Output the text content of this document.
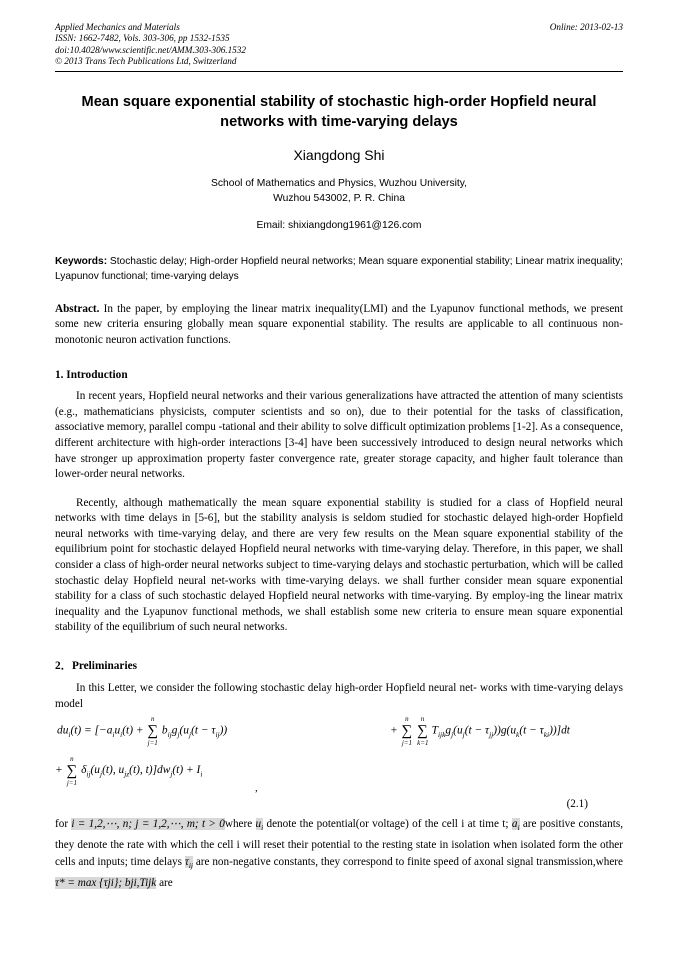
Applied Mechanics and Materials
ISSN: 1662-7482, Vols. 303-306, pp 1532-1535
doi:10.4028/www.scientific.net/AMM.303-306.1532
© 2013 Trans Tech Publications Ltd, Switzerland
Online: 2013-02-13
Mean square exponential stability of stochastic high-order Hopfield neural networks with time-varying delays
Xiangdong Shi
School of Mathematics and Physics, Wuzhou University,
Wuzhou 543002, P. R. China
Email: shixiangdong1961@126.com
Keywords: Stochastic delay; High-order Hopfield neural networks; Mean square exponential stability; Linear matrix inequality; Lyapunov functional; time-varying delays
Abstract. In the paper, by employing the linear matrix inequality(LMI) and the Lyapunov functional methods, we present some new criteria ensuring globally mean square exponential stability. The results are applicable to all continuous non-monotonic neuron activation functions.
1. Introduction

In recent years, Hopfield neural networks and their various generalizations have attracted the attention of many scientists (e.g., mathematicians physicists, computer scientists and so on), due to their potential for the tasks of classification, associative memory, parallel compu -tational and their ability to solve difficult optimization problems [1-2]. As a consequence, different architecture with high-order interactions [3-4] have been successively introduced to design neural networks which have stronger up approximation property faster convergence rate, greater storage capacity, and higher fault tolerance than lower-order neural networks.

Recently, although mathematically the mean square exponential stability is studied for a class of Hopfield neural networks with time delays in [5-6], but the stability analysis is seldom studied for stochastic delayed high-order Hopfield neural networks with time-varying delay, and there are very few results on the Mean square exponential stability of the equilibrium point for stochastic delayed Hopfield neural networks with time-varying delay. Therefore, in this paper, we shall consider a class of high-order neural networks subject to time-varying delays and stochastic perturbation, which will be called stochastic delay Hopfield neural net-works with time-varying delays. we shall further consider mean square exponential stability for a class of such stochastic delayed Hopfield neural networks with time-varying. By employ-ing the linear matrix inequality and the Lyapunov functional methods, we shall establish some new criteria to ensure mean square exponential stability of the equilibrium of such neural networks.

2．Preliminaries

In this Letter, we consider the following stochastic delay high-order Hopfield neural net- works with time-varying delays model

$du_i(t) = [-a_iu_i(t)$ +
n
∑
j=1
$b_{ij}g_j(u_j(t - \tau_{ij}))$	+
n
∑
j=1

n
∑
k=1
$T_{ijk}g_j(u_j(t - \tau_{jj}))g(u_k(t - \tau_{ki}))]dt$
+
n
∑
j=1
$\delta_{ij}(u_j(t)$, $u_{jz}(t)$, $t)]dw_j(t) + I_i$
,
(2.1)
for i = 1,2,⋯, n; j = 1,2,⋯, m; t > 0where $u_i$ denote the potential(or voltage) of the cell i at time t; $a_i$ are positive constants, they denote the rate with which the cell i will reset their potential to the resting state in isolation when isolated form the other cells and inputs; time delays $\tau_{ij}$ are non-negative constants, they correspond to finite speed of axonal signal transmission,where τ* = max {τji}; bji,Tijk are
